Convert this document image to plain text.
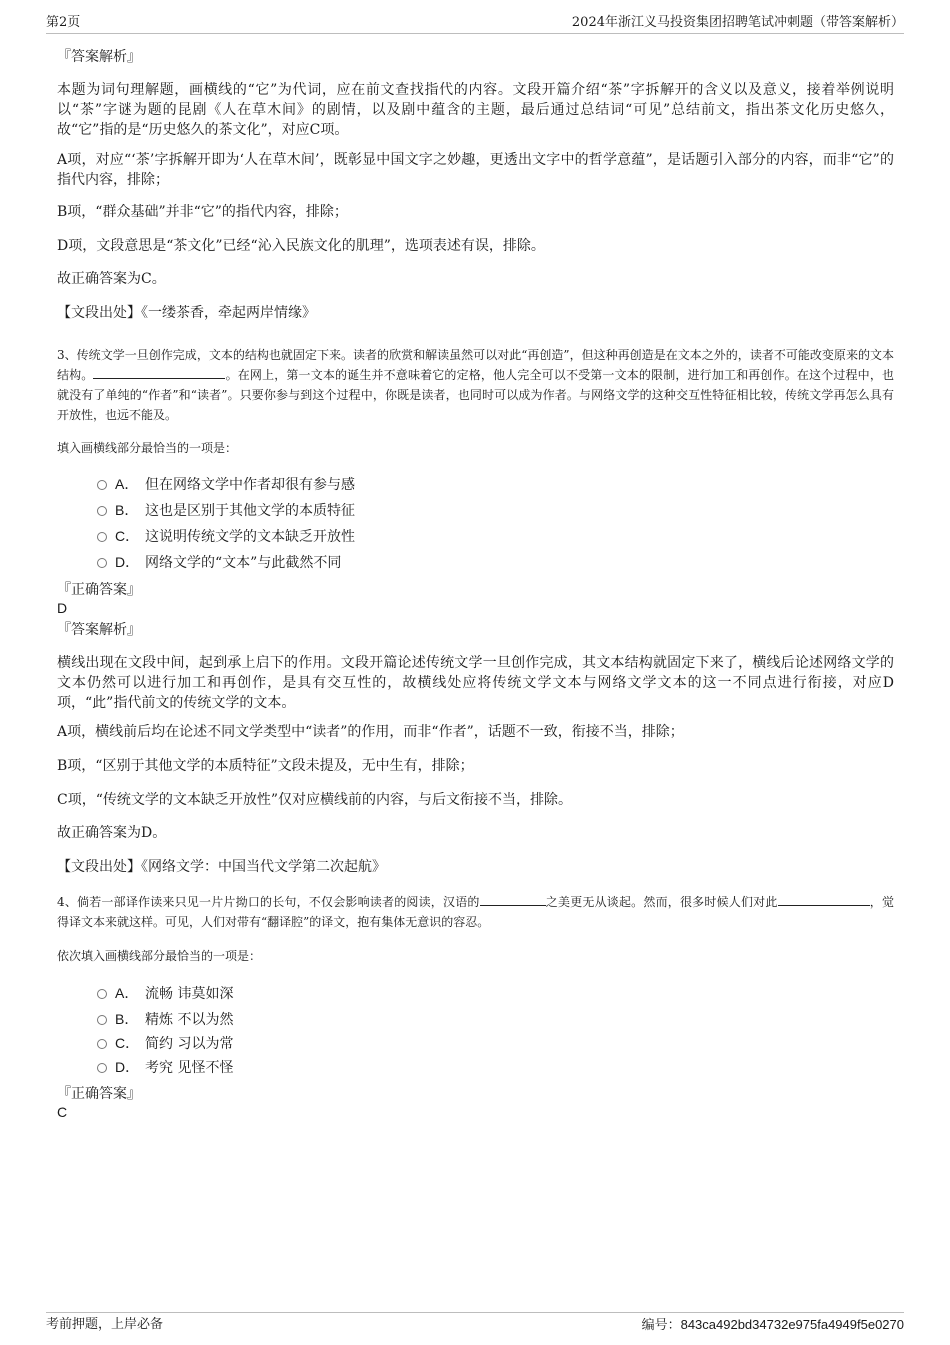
第2页	2024年浙江义马投资集团招聘笔试冲刺题（带答案解析）
『答案解析』
本题为词句理解题，画横线的“它”为代词，应在前文查找指代的内容。文段开篇介绍“茶”字拆解开的含义以及意义，接着举例说明以“茶”字谜为题的昆剧《人在草木间》的剧情，以及剧中蕴含的主题，最后通过总结词“可见”总结前文，指出茶文化历史悠久，故“它”指的是“历史悠久的茶文化”，对应C项。
A项，对应“‘茶’字拆解开即为‘人在草木间’，既彰显中国文字之妙趣，更透出文字中的哲学意蕴”，是话题引入部分的内容，而非“它”的指代内容，排除；
B项，“群众基础”并非“它”的指代内容，排除；
D项，文段意思是“茶文化”已经“沁入民族文化的肌理”，选项表述有误，排除。
故正确答案为C。
【文段出处】《一缕茶香，牵起两岸情缘》
3、传统文学一旦创作完成，文本的结构也就固定下来。读者的欣赏和解读虽然可以对此“再创造”，但这种再创造是在文本之外的，读者不可能改变原来的文本结构。	。在网上，第一文本的诞生并不意味着它的定格，他人完全可以不受第一文本的限制，进行加工和再创作。在这个过程中，也就没有了单纯的“作者”和“读者”。只要你参与到这个过程中，你既是读者，也同时可以成为作者。与网络文学的这种交互性特征相比较，传统文学再怎么具有开放性，也远不能及。
填入画横线部分最恰当的一项是：
A． 但在网络文学中作者却很有参与感
B． 这也是区别于其他文学的本质特征
C． 这说明传统文学的文本缺乏开放性
D． 网络文学的“文本”与此截然不同
『正确答案』
D
『答案解析』
横线出现在文段中间，起到承上启下的作用。文段开篇论述传统文学一旦创作完成，其文本结构就固定下来了，横线后论述网络文学的文本仍然可以进行加工和再创作，是具有交互性的，故横线处应将传统文学文本与网络文学文本的这一不同点进行衔接，对应D项，“此”指代前文的传统文学的文本。
A项，横线前后均在论述不同文学类型中“读者”的作用，而非“作者”，话题不一致，衔接不当，排除；
B项，“区别于其他文学的本质特征”文段未提及，无中生有，排除；
C项，“传统文学的文本缺乏开放性”仅对应横线前的内容，与后文衔接不当，排除。
故正确答案为D。
【文段出处】《网络文学：中国当代文学第二次起航》
4、倘若一部译作读来只见一片片拗口的长句，不仅会影响读者的阅读，汉语的	之美更无从谈起。然而，很多时候人们对此	，觉得译文本来就这样。可见，人们对带有“翻译腔”的译文，抱有集体无意识的容忍。
依次填入画横线部分最恰当的一项是：
A． 流畅 讳莫如深
B． 精炼 不以为然
C． 简约 习以为常
D． 考究 见怪不怪
『正确答案』
C
考前押题，上岸必备	编号：843ca492bd34732e975fa4949f5e0270
